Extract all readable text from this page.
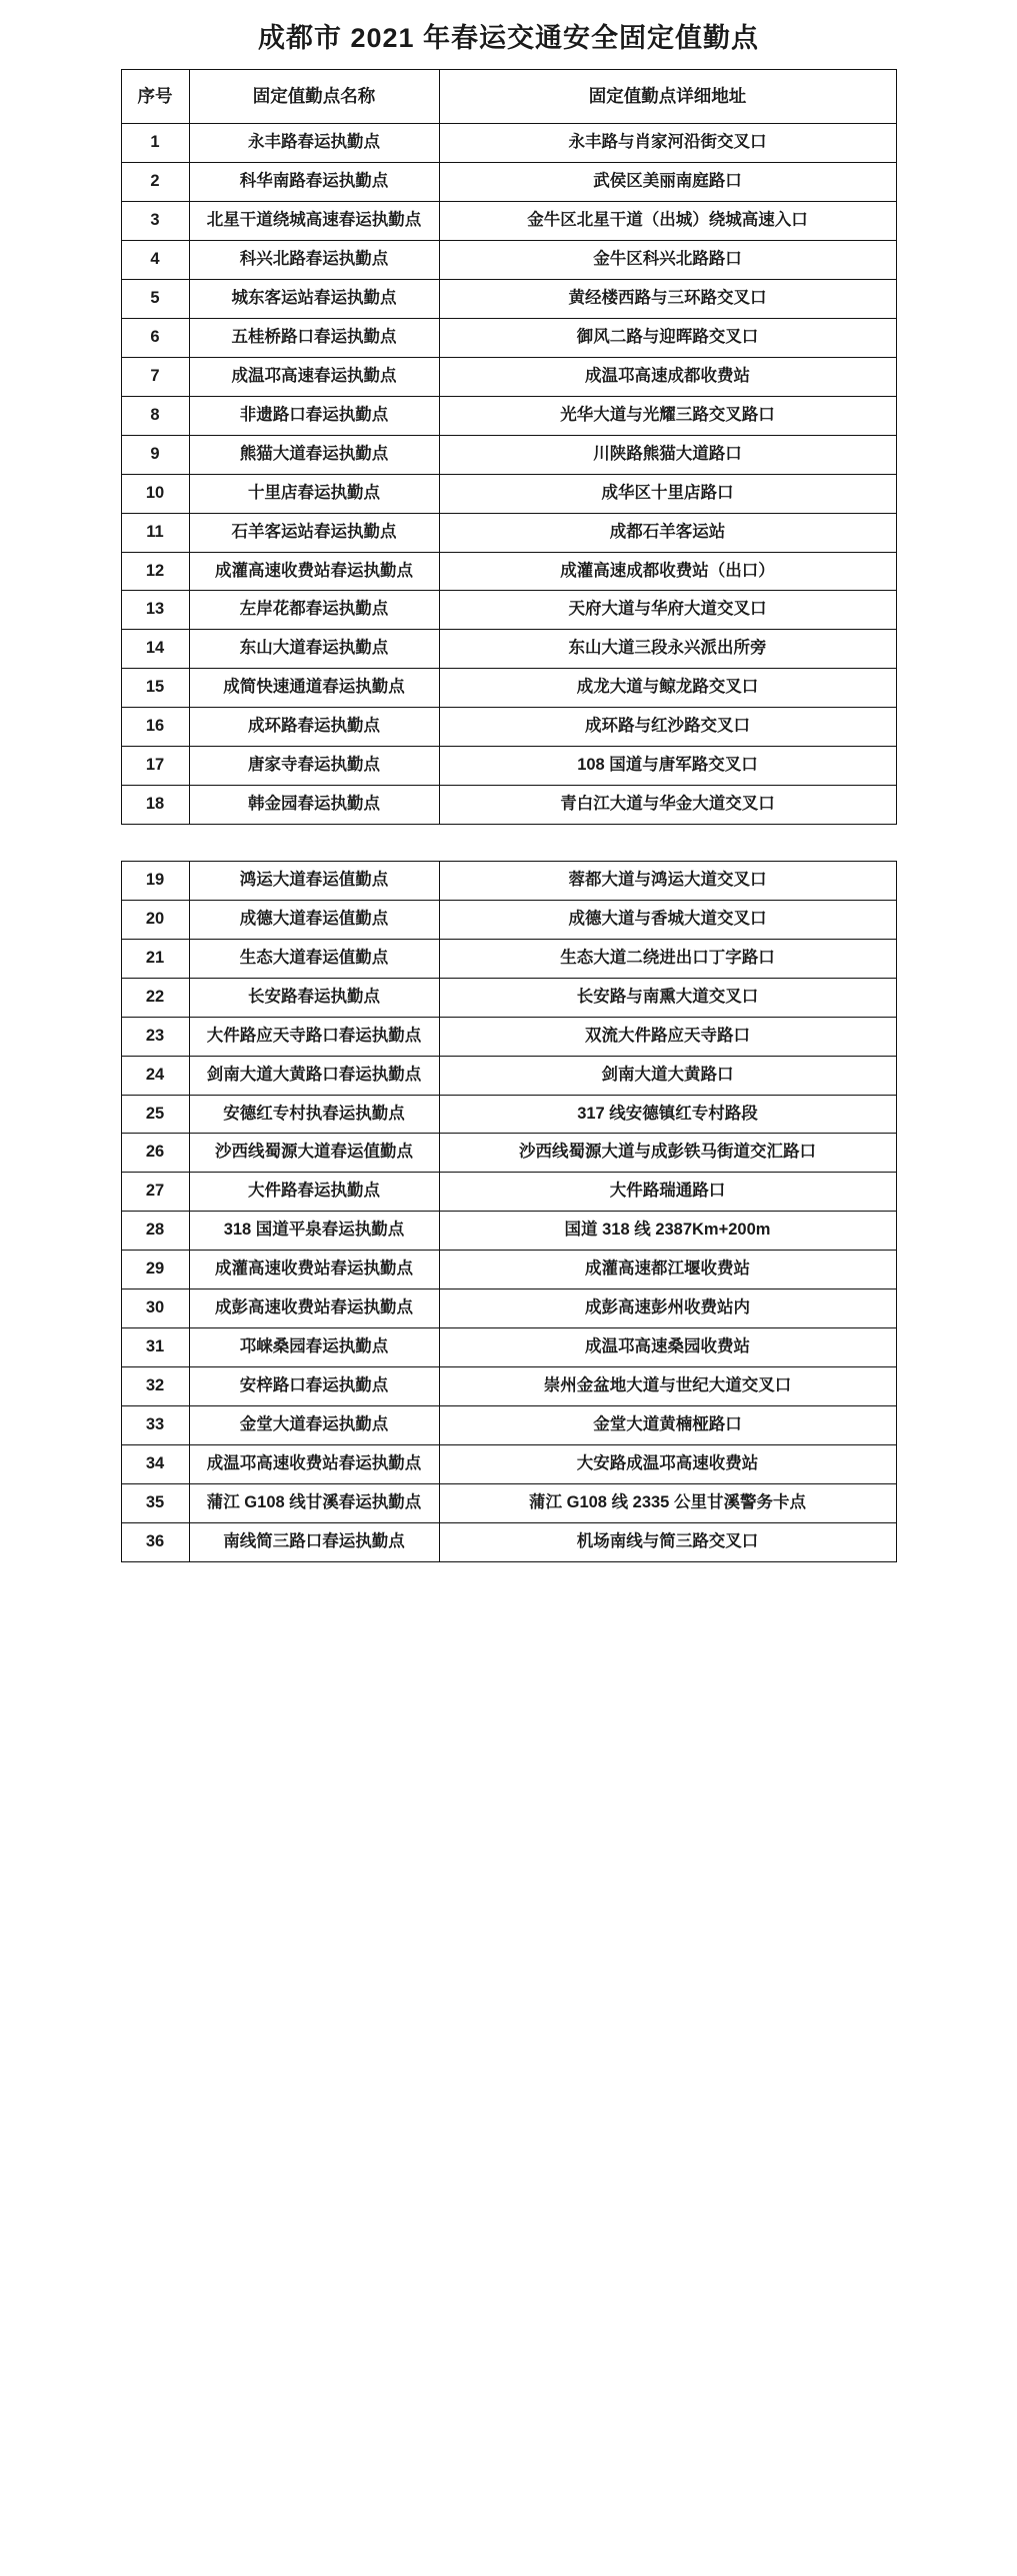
成都市 2021 年春运交通安全固定值勤点
序号	固定值勤点名称	固定值勤点详细地址
1	永丰路春运执勤点	永丰路与肖家河沿街交叉口
2	科华南路春运执勤点	武侯区美丽南庭路口
3	北星干道绕城高速春运执勤点	金牛区北星干道（出城）绕城高速入口
4	科兴北路春运执勤点	金牛区科兴北路路口
5	城东客运站春运执勤点	黄经楼西路与三环路交叉口
6	五桂桥路口春运执勤点	御风二路与迎晖路交叉口
7	成温邛高速春运执勤点	成温邛高速成都收费站
8	非遗路口春运执勤点	光华大道与光耀三路交叉路口
9	熊猫大道春运执勤点	川陕路熊猫大道路口
10	十里店春运执勤点	成华区十里店路口
11	石羊客运站春运执勤点	成都石羊客运站
12	成灌高速收费站春运执勤点	成灌高速成都收费站（出口）
13	左岸花都春运执勤点	天府大道与华府大道交叉口
14	东山大道春运执勤点	东山大道三段永兴派出所旁
15	成简快速通道春运执勤点	成龙大道与鲸龙路交叉口
16	成环路春运执勤点	成环路与红沙路交叉口
17	唐家寺春运执勤点	108 国道与唐军路交叉口
18	韩金园春运执勤点	青白江大道与华金大道交叉口
19	鸿运大道春运值勤点	蓉都大道与鸿运大道交叉口
20	成德大道春运值勤点	成德大道与香城大道交叉口
21	生态大道春运值勤点	生态大道二绕进出口丁字路口
22	长安路春运执勤点	长安路与南熏大道交叉口
23	大件路应天寺路口春运执勤点	双流大件路应天寺路口
24	剑南大道大黄路口春运执勤点	剑南大道大黄路口
25	安德红专村执春运执勤点	317 线安德镇红专村路段
26	沙西线蜀源大道春运值勤点	沙西线蜀源大道与成彭铁马街道交汇路口
27	大件路春运执勤点	大件路瑞通路口
28	318 国道平泉春运执勤点	国道 318 线 2387Km+200m
29	成灌高速收费站春运执勤点	成灌高速都江堰收费站
30	成彭高速收费站春运执勤点	成彭高速彭州收费站内
31	邛崃桑园春运执勤点	成温邛高速桑园收费站
32	安梓路口春运执勤点	崇州金盆地大道与世纪大道交叉口
33	金堂大道春运执勤点	金堂大道黄楠桠路口
34	成温邛高速收费站春运执勤点	大安路成温邛高速收费站
35	蒲江 G108 线甘溪春运执勤点	蒲江 G108 线 2335 公里甘溪警务卡点
36	南线简三路口春运执勤点	机场南线与简三路交叉口
